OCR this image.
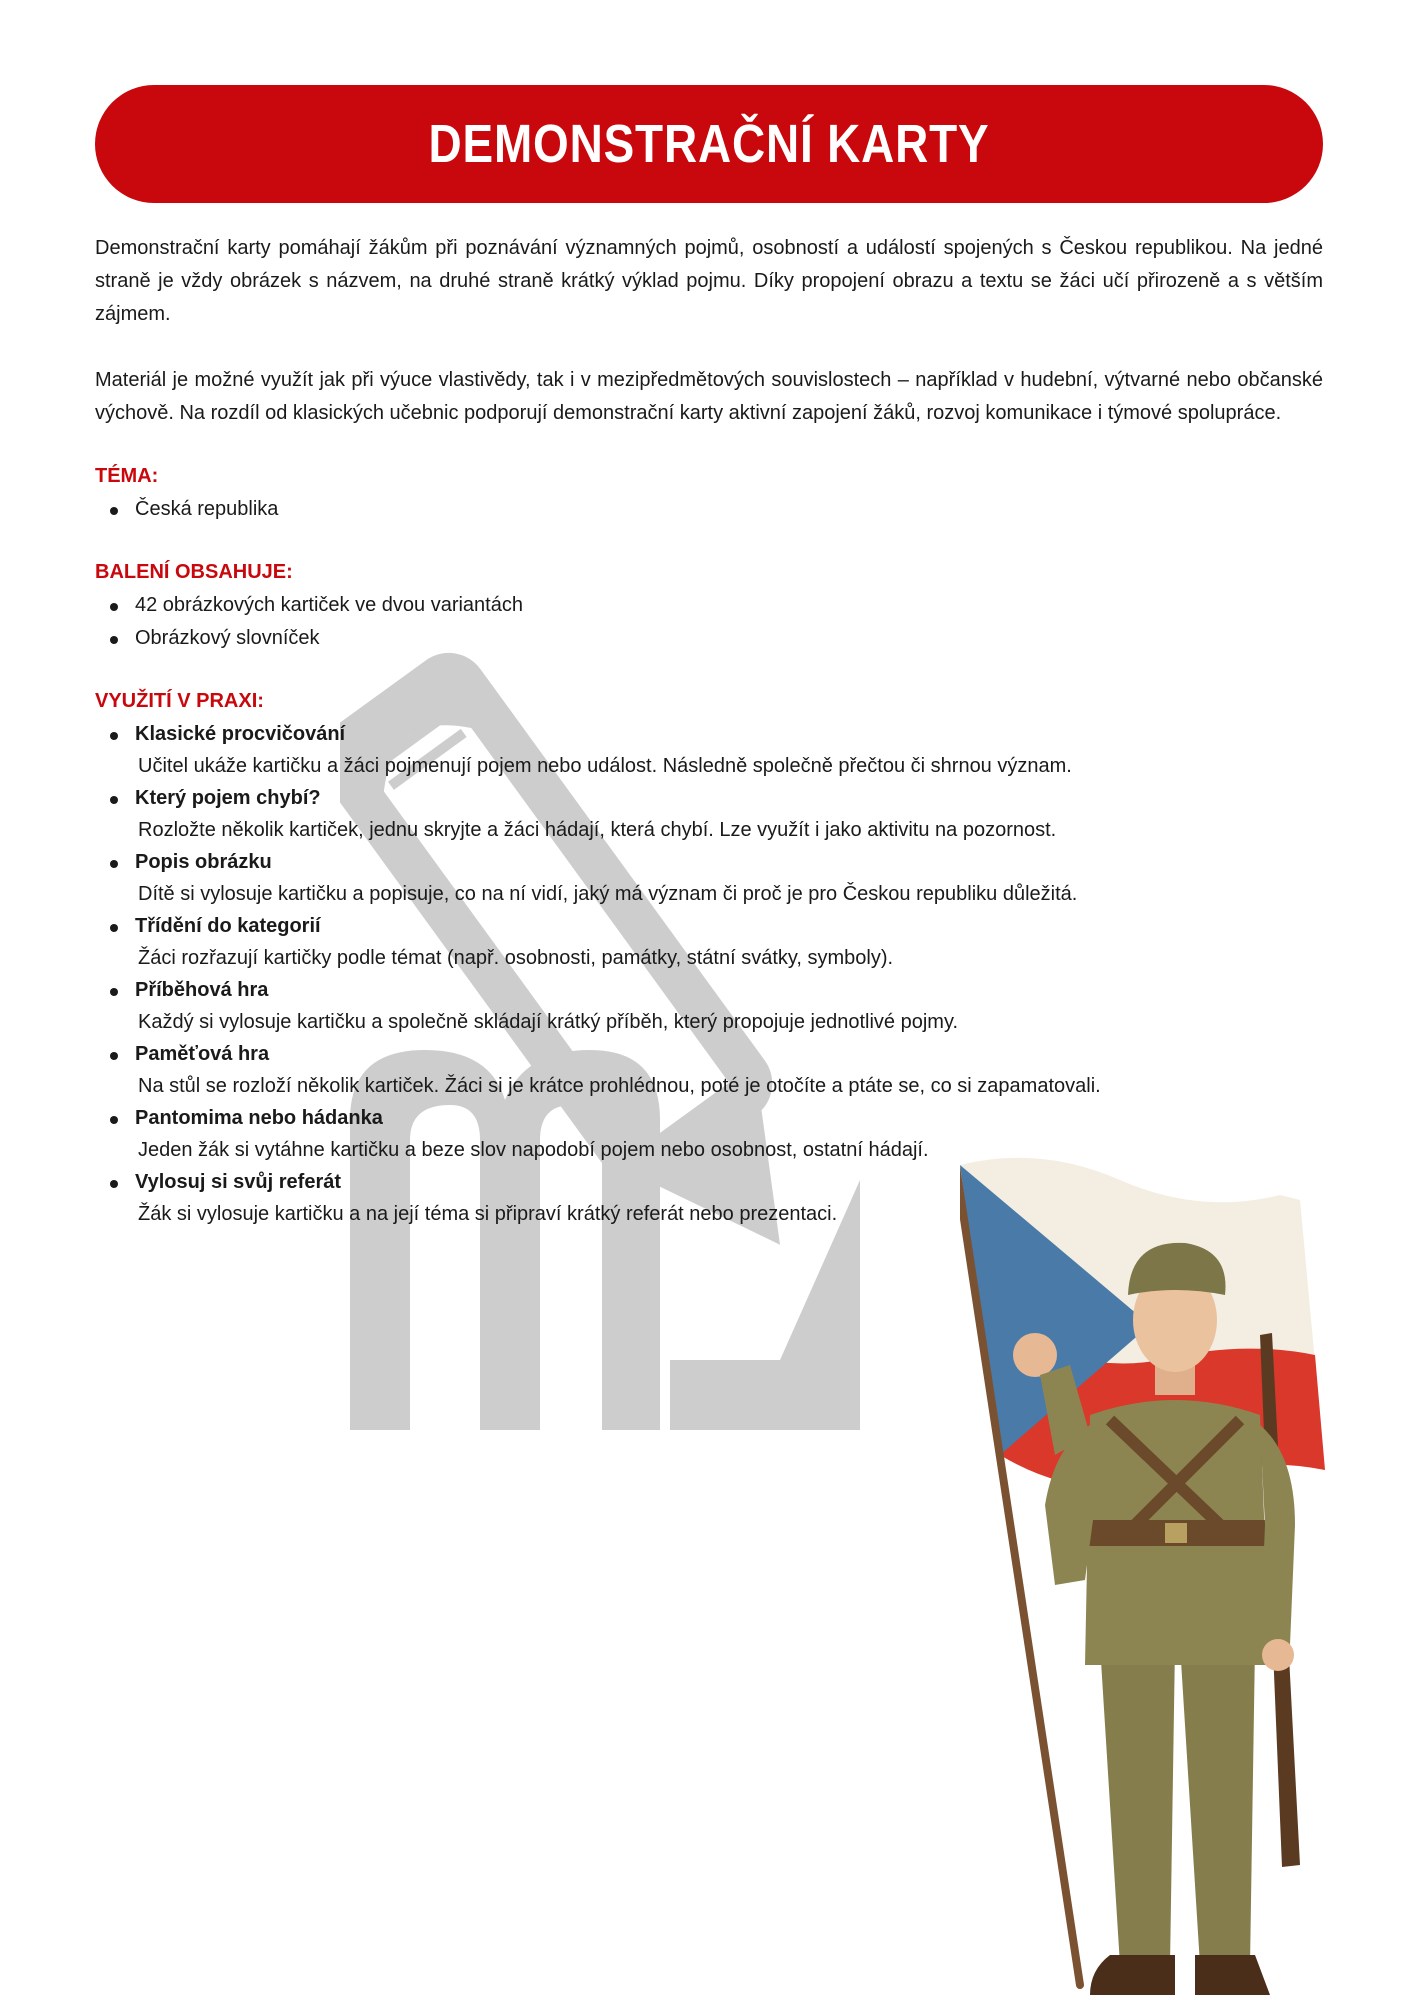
DEMONSTRAČNÍ KARTY

Demonstrační karty pomáhají žákům při poznávání významných pojmů, osobností a událostí spojených s Českou republikou. Na jedné straně je vždy obrázek s názvem, na druhé straně krátký výklad pojmu. Díky propojení obrazu a textu se žáci učí přirozeně a s větším zájmem.

Materiál je možné využít jak při výuce vlastivědy, tak i v mezipředmětových souvislostech – například v hudební, výtvarné nebo občanské výchově. Na rozdíl od klasických učebnic podporují demonstrační karty aktivní zapojení žáků, rozvoj komunikace i týmové spolupráce.

TÉMA:
Česká republika
BALENÍ OBSAHUJE:
42 obrázkových kartiček ve dvou variantách
Obrázkový slovníček
VYUŽITÍ V PRAXI:
Klasické procvičování
Učitel ukáže kartičku a žáci pojmenují pojem nebo událost. Následně společně přečtou či shrnou význam.
Který pojem chybí?
Rozložte několik kartiček, jednu skryjte a žáci hádají, která chybí. Lze využít i jako aktivitu na pozornost.
Popis obrázku
Dítě si vylosuje kartičku a popisuje, co na ní vidí, jaký má význam či proč je pro Českou republiku důležitá.
Třídění do kategorií
Žáci rozřazují kartičky podle témat (např. osobnosti, památky, státní svátky, symboly).
Příběhová hra
Každý si vylosuje kartičku a společně skládají krátký příběh, který propojuje jednotlivé pojmy.
Paměťová hra
Na stůl se rozloží několik kartiček. Žáci si je krátce prohlédnou, poté je otočíte a ptáte se, co si zapamatovali.
Pantomima nebo hádanka
Jeden žák si vytáhne kartičku a beze slov napodobí pojem nebo osobnost, ostatní hádají.
Vylosuj si svůj referát
Žák si vylosuje kartičku a na její téma si připraví krátký referát nebo prezentaci.
